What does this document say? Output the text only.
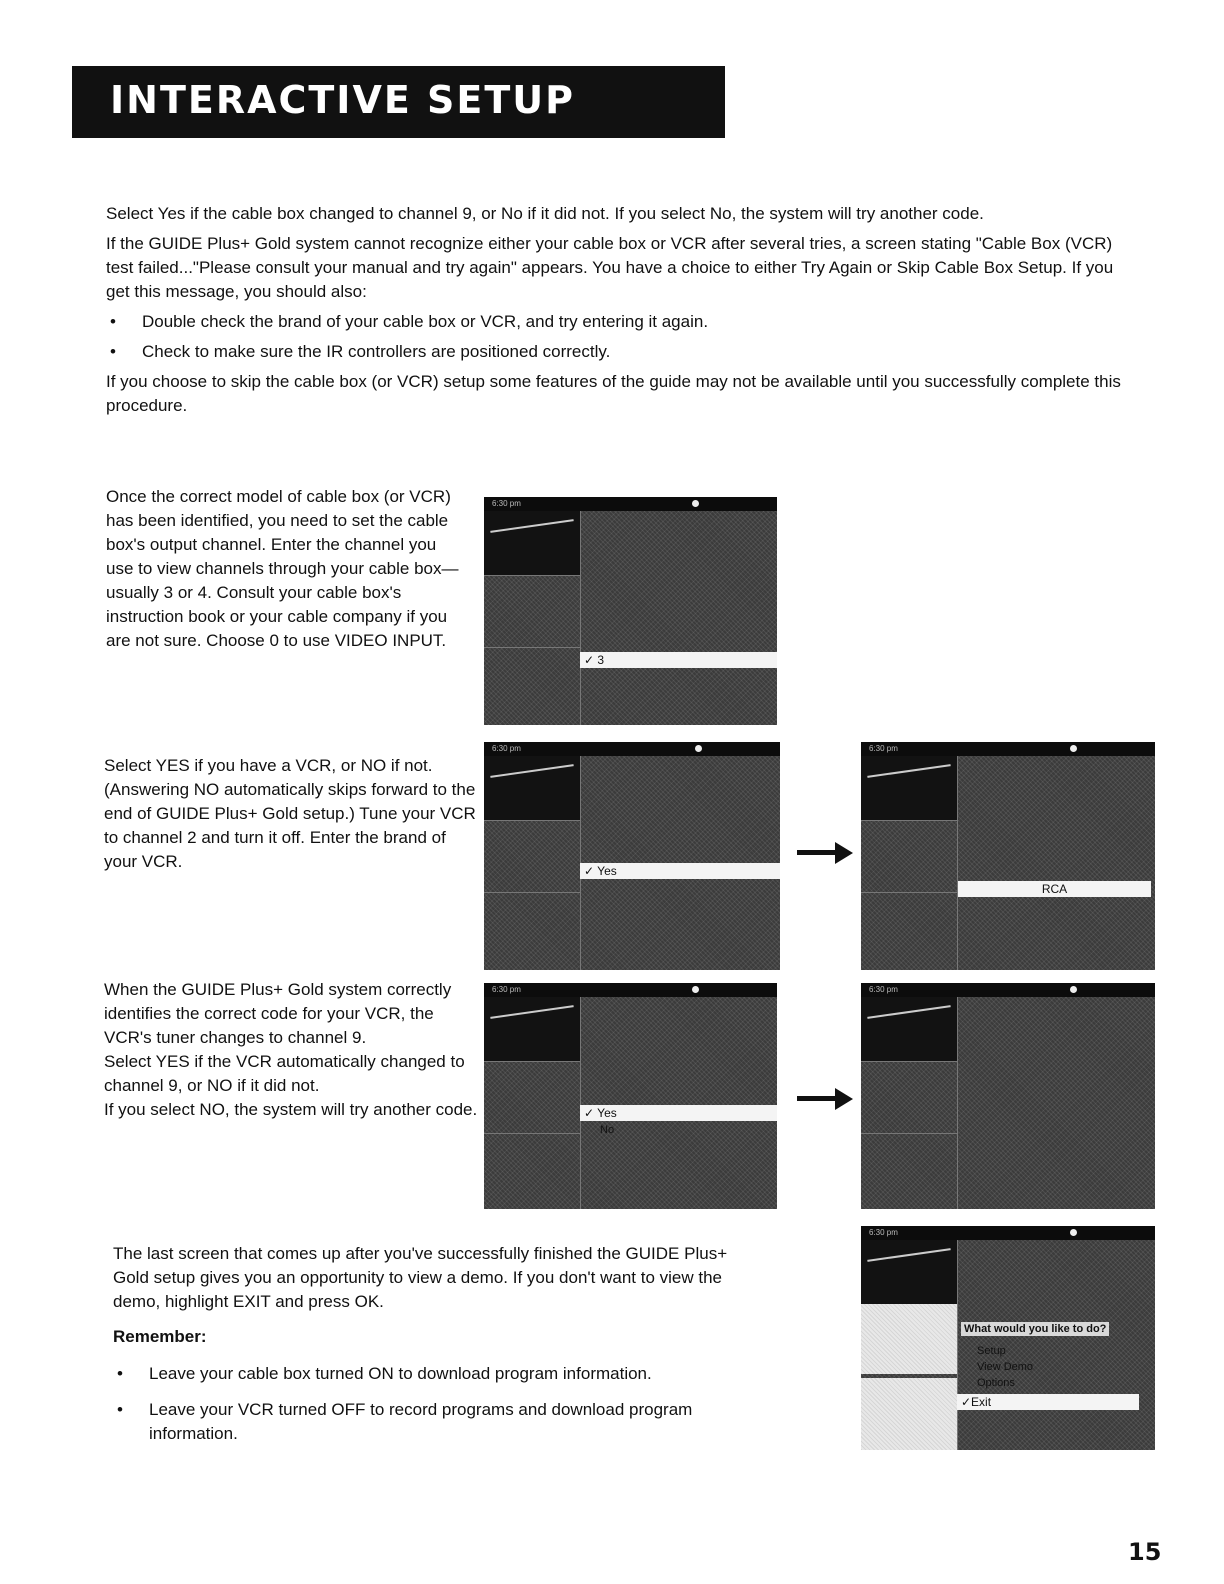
INTERACTIVE SETUP

Select Yes if the cable box changed to channel 9, or No if it did not. If you select No, the system will try another code.

If the GUIDE Plus+ Gold system cannot recognize either your cable box or VCR after several tries, a screen stating "Cable Box (VCR) test failed..."Please consult your manual and try again" appears. You have a choice to either Try Again or Skip Cable Box Setup. If you get this message, you should also:

• Double check the brand of your cable box or VCR, and try entering it again.
• Check to make sure the IR controllers are positioned correctly.

If you choose to skip the cable box (or VCR) setup some features of the guide may not be available until you successfully complete this procedure.

Once the correct model of cable box (or VCR) has been identified, you need to set the cable box's output channel. Enter the channel you use to view channels through your cable box—usually 3 or 4. Consult your cable box's instruction book or your cable company if you are not sure. Choose 0 to use VIDEO INPUT.
6:30 pm
✓ 3
Select YES if you have a VCR, or NO if not. (Answering NO automatically skips forward to the end of GUIDE Plus+ Gold setup.) Tune your VCR to channel 2 and turn it off. Enter the brand of your VCR.
6:30 pm
✓ Yes
6:30 pm
RCA
When the GUIDE Plus+ Gold system correctly identifies the correct code for your VCR, the VCR's tuner changes to channel 9.
Select YES if the VCR automatically changed to channel 9, or NO if it did not.
If you select NO, the system will try another code.
6:30 pm
✓ Yes
No
6:30 pm
The last screen that comes up after you've successfully finished the GUIDE Plus+ Gold setup gives you an opportunity to view a demo. If you don't want to view the demo, highlight EXIT and press OK.
Remember:
• Leave your cable box turned ON to download program information.
• Leave your VCR turned OFF to record programs and download program information.
6:30 pm
What would you like to do?
Setup
View Demo
Options
✓Exit
15
